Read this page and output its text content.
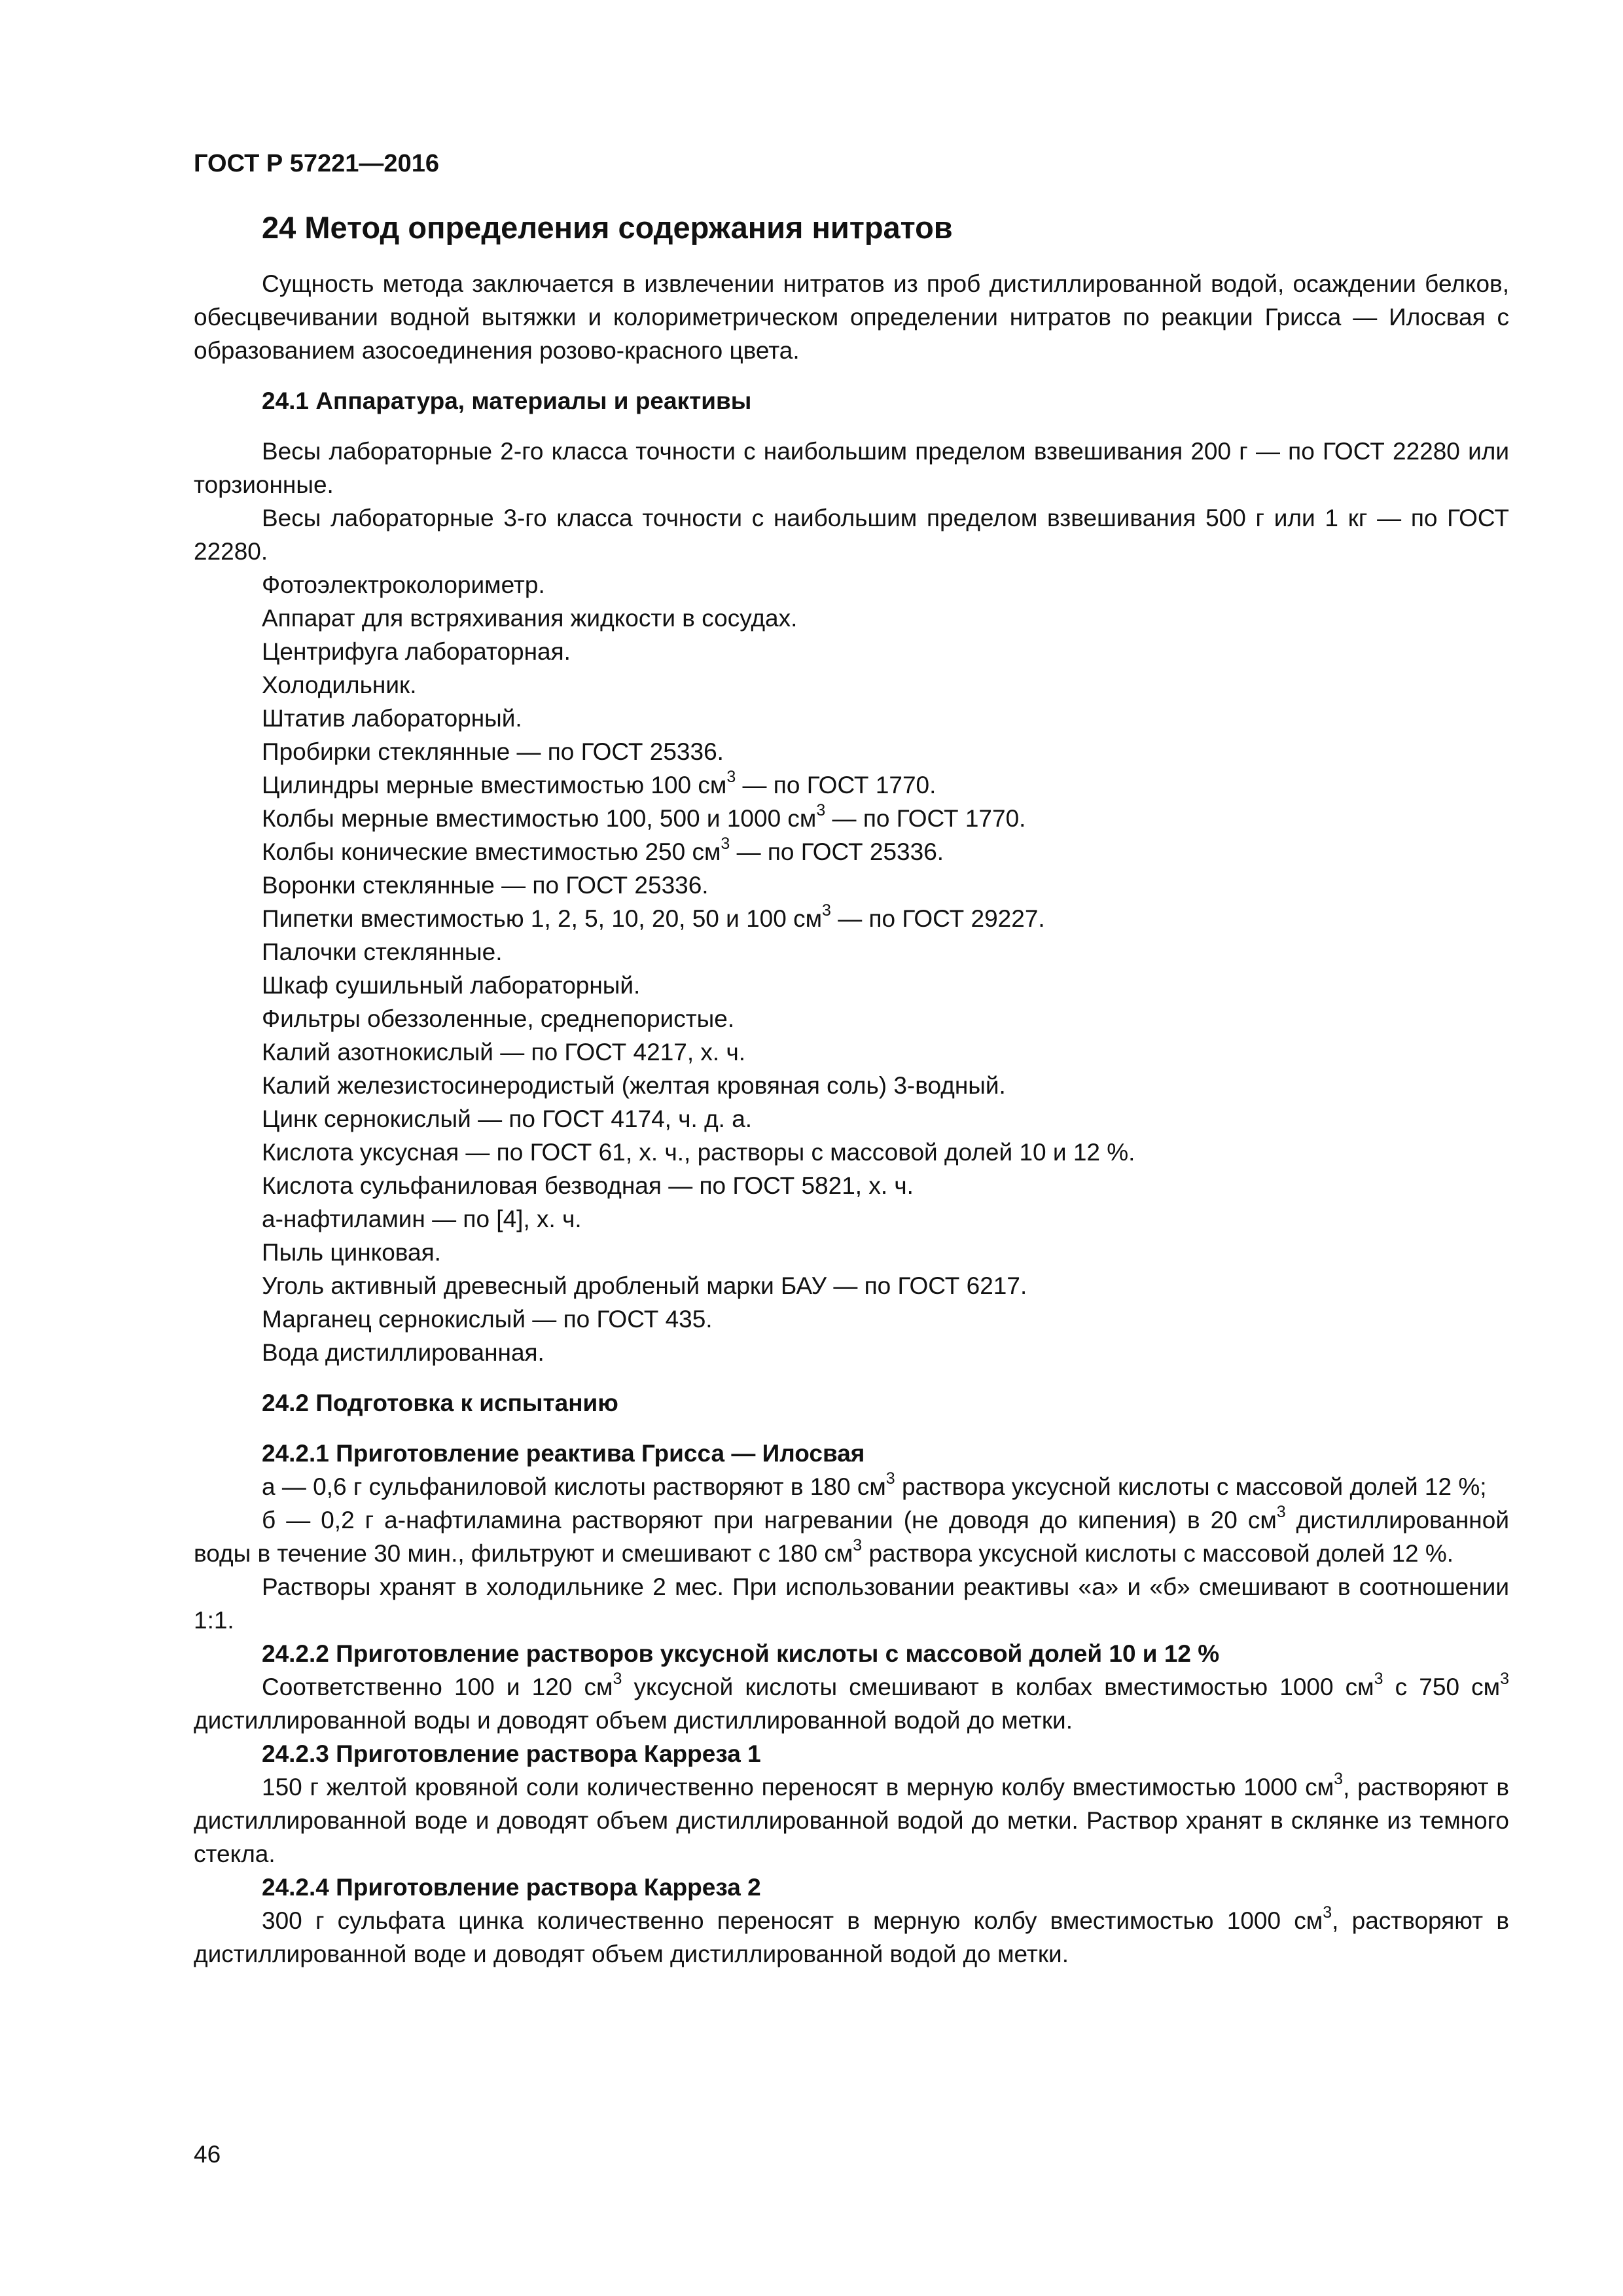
ГОСТ Р 57221—2016
24 Метод определения содержания нитратов

Сущность метода заключается в извлечении нитратов из проб дистиллированной водой, осаждении белков, обесцвечивании водной вытяжки и колориметрическом определении нитратов по реакции Грисса — Илосвая с образованием азосоединения розово-красного цвета.

24.1 Аппаратура, материалы и реактивы

Весы лабораторные 2-го класса точности с наибольшим пределом взвешивания 200 г — по ГОСТ 22280 или торзионные.

Весы лабораторные 3-го класса точности с наибольшим пределом взвешивания 500 г или 1 кг — по ГОСТ 22280.

Фотоэлектроколориметр.
Аппарат для встряхивания жидкости в сосудах.
Центрифуга лабораторная.
Холодильник.
Штатив лабораторный.
Пробирки стеклянные — по ГОСТ 25336.
Цилиндры мерные вместимостью 100 $см^3$ — по ГОСТ 1770.
Колбы мерные вместимостью 100, 500 и 1000 $см^3$ — по ГОСТ 1770.
Колбы конические вместимостью 250 $см^3$ — по ГОСТ 25336.
Воронки стеклянные — по ГОСТ 25336.
Пипетки вместимостью 1, 2, 5, 10, 20, 50 и 100 $см^3$ — по ГОСТ 29227.
Палочки стеклянные.
Шкаф сушильный лабораторный.
Фильтры обеззоленные, среднепористые.
Калий азотнокислый — по ГОСТ 4217, х. ч.
Калий железистосинеродистый (желтая кровяная соль) 3-водный.
Цинк сернокислый — по ГОСТ 4174, ч. д. а.
Кислота уксусная — по ГОСТ 61, х. ч., растворы с массовой долей 10 и 12 %.
Кислота сульфаниловая безводная — по ГОСТ 5821, х. ч.
а-нафтиламин — по [4], х. ч.
Пыль цинковая.
Уголь активный древесный дробленый марки БАУ — по ГОСТ 6217.
Марганец сернокислый — по ГОСТ 435.
Вода дистиллированная.
24.2 Подготовка к испытанию
24.2.1 Приготовление реактива Грисса — Илосвая

а — 0,6 г сульфаниловой кислоты растворяют в 180 $см^3$ раствора уксусной кислоты с массовой долей 12 %;

б — 0,2 г а-нафтиламина растворяют при нагревании (не доводя до кипения) в 20 $см^3$ дистиллированной воды в течение 30 мин., фильтруют и смешивают с 180 $см^3$ раствора уксусной кислоты с массовой долей 12 %.

Растворы хранят в холодильнике 2 мес. При использовании реактивы «а» и «б» смешивают в соотношении 1:1.

24.2.2 Приготовление растворов уксусной кислоты с массовой долей 10 и 12 %

Соответственно 100 и 120 $см^3$ уксусной кислоты смешивают в колбах вместимостью 1000 $см^3$ с 750 $см^3$ дистиллированной воды и доводят объем дистиллированной водой до метки.

24.2.3 Приготовление раствора Карреза 1

150 г желтой кровяной соли количественно переносят в мерную колбу вместимостью 1000 $см^3$, растворяют в дистиллированной воде и доводят объем дистиллированной водой до метки. Раствор хранят в склянке из темного стекла.

24.2.4 Приготовление раствора Карреза 2

300 г сульфата цинка количественно переносят в мерную колбу вместимостью 1000 $см^3$, растворяют в дистиллированной воде и доводят объем дистиллированной водой до метки.

46
